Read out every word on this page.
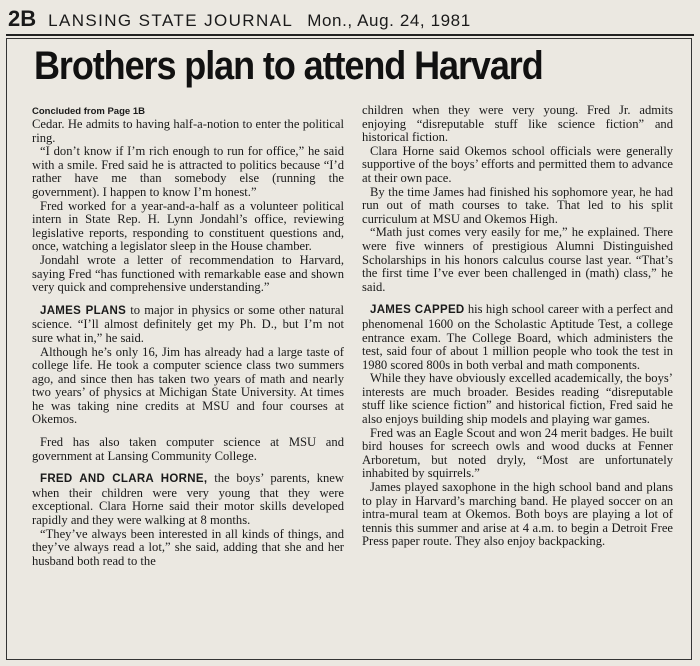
2B LANSING STATE JOURNAL Mon., Aug. 24, 1981
Brothers plan to attend Harvard

Concluded from Page 1B

Cedar. He admits to having half-a-notion to enter the political ring.

“I don’t know if I’m rich enough to run for office,” he said with a smile. Fred said he is attracted to politics because “I’d rather have me than somebody else (running the government). I happen to know I’m honest.”

Fred worked for a year-and-a-half as a volunteer political intern in State Rep. H. Lynn Jondahl’s office, reviewing legislative reports, responding to constituent questions and, once, watching a legislator sleep in the House chamber.

Jondahl wrote a letter of recommendation to Harvard, saying Fred “has functioned with remarkable ease and shown very quick and comprehensive understanding.”

JAMES PLANS to major in physics or some other natural science. “I’ll almost definitely get my Ph. D., but I’m not sure what in,” he said.

Although he’s only 16, Jim has already had a large taste of college life. He took a computer science class two summers ago, and since then has taken two years of math and nearly two years’ of physics at Michigan State University. At times he was taking nine credits at MSU and four courses at Okemos.

Fred has also taken computer science at MSU and government at Lansing Community College.

FRED AND CLARA HORNE, the boys’ parents, knew when their children were very young that they were exceptional. Clara Horne said their motor skills developed rapidly and they were walking at 8 months.

“They’ve always been interested in all kinds of things, and they’ve always read a lot,” she said, adding that she and her husband both read to the

children when they were very young. Fred Jr. admits enjoying “disreputable stuff like science fiction” and historical fiction.

Clara Horne said Okemos school officials were generally supportive of the boys’ efforts and permitted them to advance at their own pace.

By the time James had finished his sophomore year, he had run out of math courses to take. That led to his split curriculum at MSU and Okemos High.

“Math just comes very easily for me,” he explained. There were five winners of prestigious Alumni Distinguished Scholarships in his honors calculus course last year. “That’s the first time I’ve ever been challenged in (math) class,” he said.

JAMES CAPPED his high school career with a perfect and phenomenal 1600 on the Scholastic Aptitude Test, a college entrance exam. The College Board, which administers the test, said four of about 1 million people who took the test in 1980 scored 800s in both verbal and math components.

While they have obviously excelled academically, the boys’ interests are much broader. Besides reading “disreputable stuff like science fiction” and historical fiction, Fred said he also enjoys building ship models and playing war games.

Fred was an Eagle Scout and won 24 merit badges. He built bird houses for screech owls and wood ducks at Fenner Arboretum, but noted dryly, “Most are unfortunately inhabited by squirrels.”

James played saxophone in the high school band and plans to play in Harvard’s marching band. He played soccer on an intra-mural team at Okemos. Both boys are playing a lot of tennis this summer and arise at 4 a.m. to begin a Detroit Free Press paper route. They also enjoy backpacking.
